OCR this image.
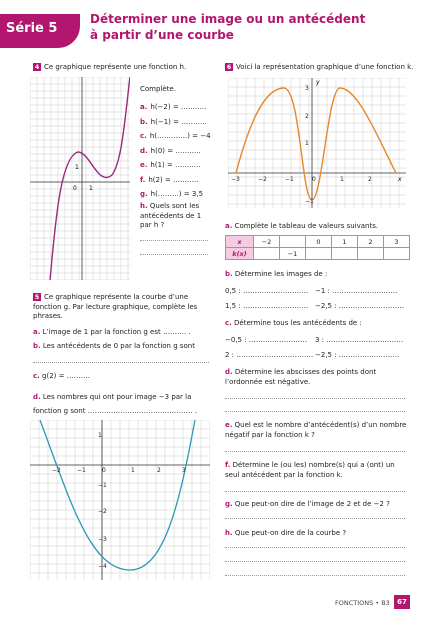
Série 5
Déterminer une image ou un antécédent
à partir d’une courbe
4 Ce graphique représente une fonction h.
0 1
1
Complète.
a. h(−2) = ………..
b. h(−1) = ………..
c. h(………….) = −4
d. h(0) = ………..
e. h(1) = ………..
f. h(2) = ………..
g. h(………) = 3,5
h. Quels sont les
antécédents de 1
par h ?
5 Ce graphique représente la courbe d’une
fonction g. Par lecture graphique, complète les
phrases.
a. L’image de 1 par la fonction g est ………. .
b. Les antécédents de 0 par la fonction g sont
c. g(2) = ……….
d. Les nombres qui ont pour image −3 par la
fonction g sont ……………………………………… .
−2	−1	0	1	2	3
1
−1
−2
−3
−4
6 Voici la représentation graphique d’une fonction k.
−3	−2	−1	0	1	2
3
2
1
−1
x
y
a. Complète le tableau de valeurs suivants.
x	−2		0	1	2	3
k(x)		−1				
b. Détermine les images de :
0,5 : ………………………. −1 : ……………………….
1,5 : ………………………. −2,5 : ……………………….
c. Détermine tous les antécédents de :
−0,5 : ……………………. 3 : ……………………………
2 : …………………………… −2,5 : ……………………..
d. Détermine les abscisses des points dont
l’ordonnée est négative.
e. Quel est le nombre d’antécédent(s) d’un nombre
négatif par la fonction k ?
f. Détermine le (ou les) nombre(s) qui a (ont) un
seul antécédent par la fonction k.
g. Que peut-on dire de l’image de 2 et de −2 ?
h. Que peut-on dire de la courbe ?
FONCTIONS • B3	67
